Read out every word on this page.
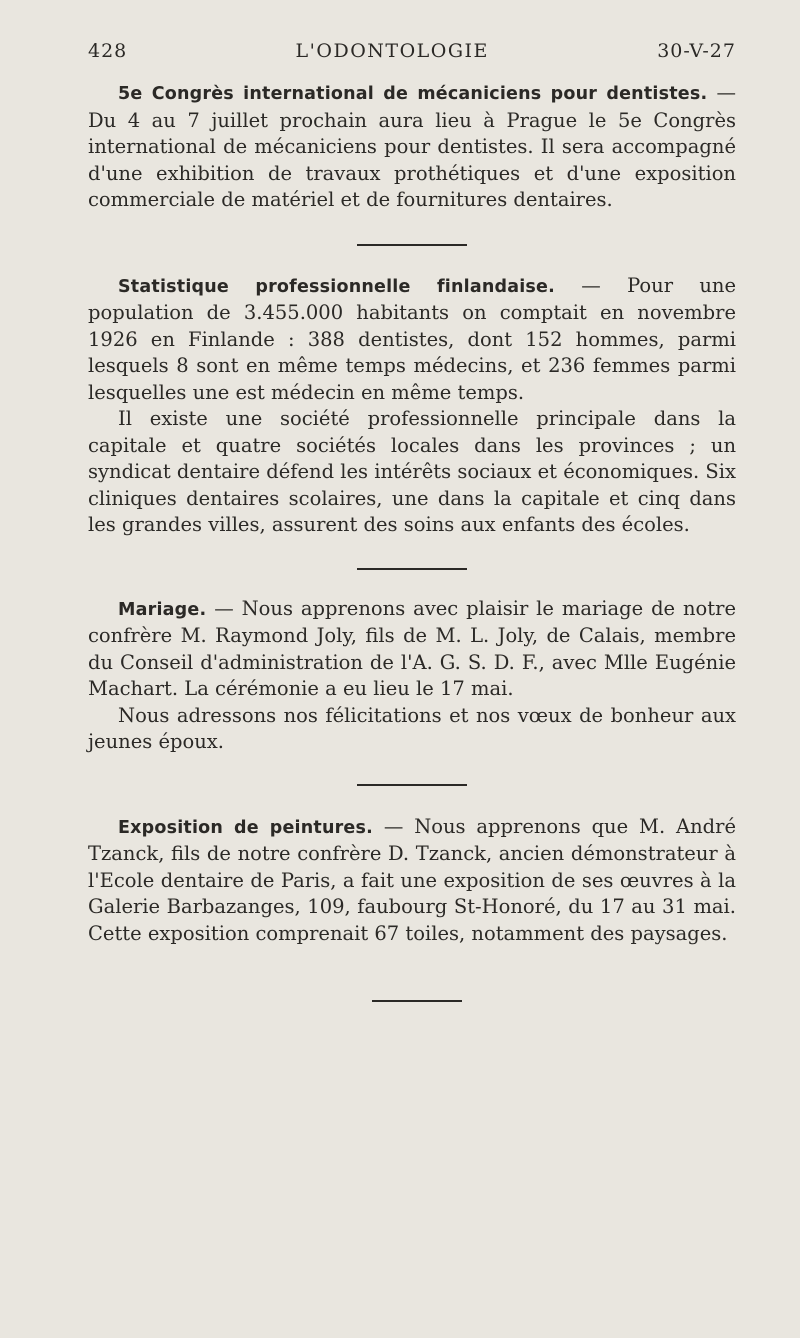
428	L'ODONTOLOGIE	30-V-27

5e Congrès international de mécaniciens pour dentistes. — Du 4 au 7 juillet prochain aura lieu à Prague le 5e Congrès international de mécaniciens pour dentistes. Il sera accompagné d'une exhibition de travaux prothétiques et d'une exposition commerciale de matériel et de fournitures dentaires.

Statistique professionnelle finlandaise. — Pour une population de 3.455.000 habitants on comptait en novembre 1926 en Finlande : 388 dentistes, dont 152 hommes, parmi lesquels 8 sont en même temps médecins, et 236 femmes parmi lesquelles une est médecin en même temps.

Il existe une société professionnelle principale dans la capitale et quatre sociétés locales dans les provinces ; un syndicat dentaire défend les intérêts sociaux et économiques. Six cliniques dentaires scolaires, une dans la capitale et cinq dans les grandes villes, assurent des soins aux enfants des écoles.

Mariage. — Nous apprenons avec plaisir le mariage de notre confrère M. Raymond Joly, fils de M. L. Joly, de Calais, membre du Conseil d'administration de l'A. G. S. D. F., avec Mlle Eugénie Machart. La cérémonie a eu lieu le 17 mai.

Nous adressons nos félicitations et nos vœux de bonheur aux jeunes époux.

Exposition de peintures. — Nous apprenons que M. André Tzanck, fils de notre confrère D. Tzanck, ancien démonstrateur à l'Ecole dentaire de Paris, a fait une exposition de ses œuvres à la Galerie Barbazanges, 109, faubourg St-Honoré, du 17 au 31 mai. Cette exposition comprenait 67 toiles, notamment des paysages.
